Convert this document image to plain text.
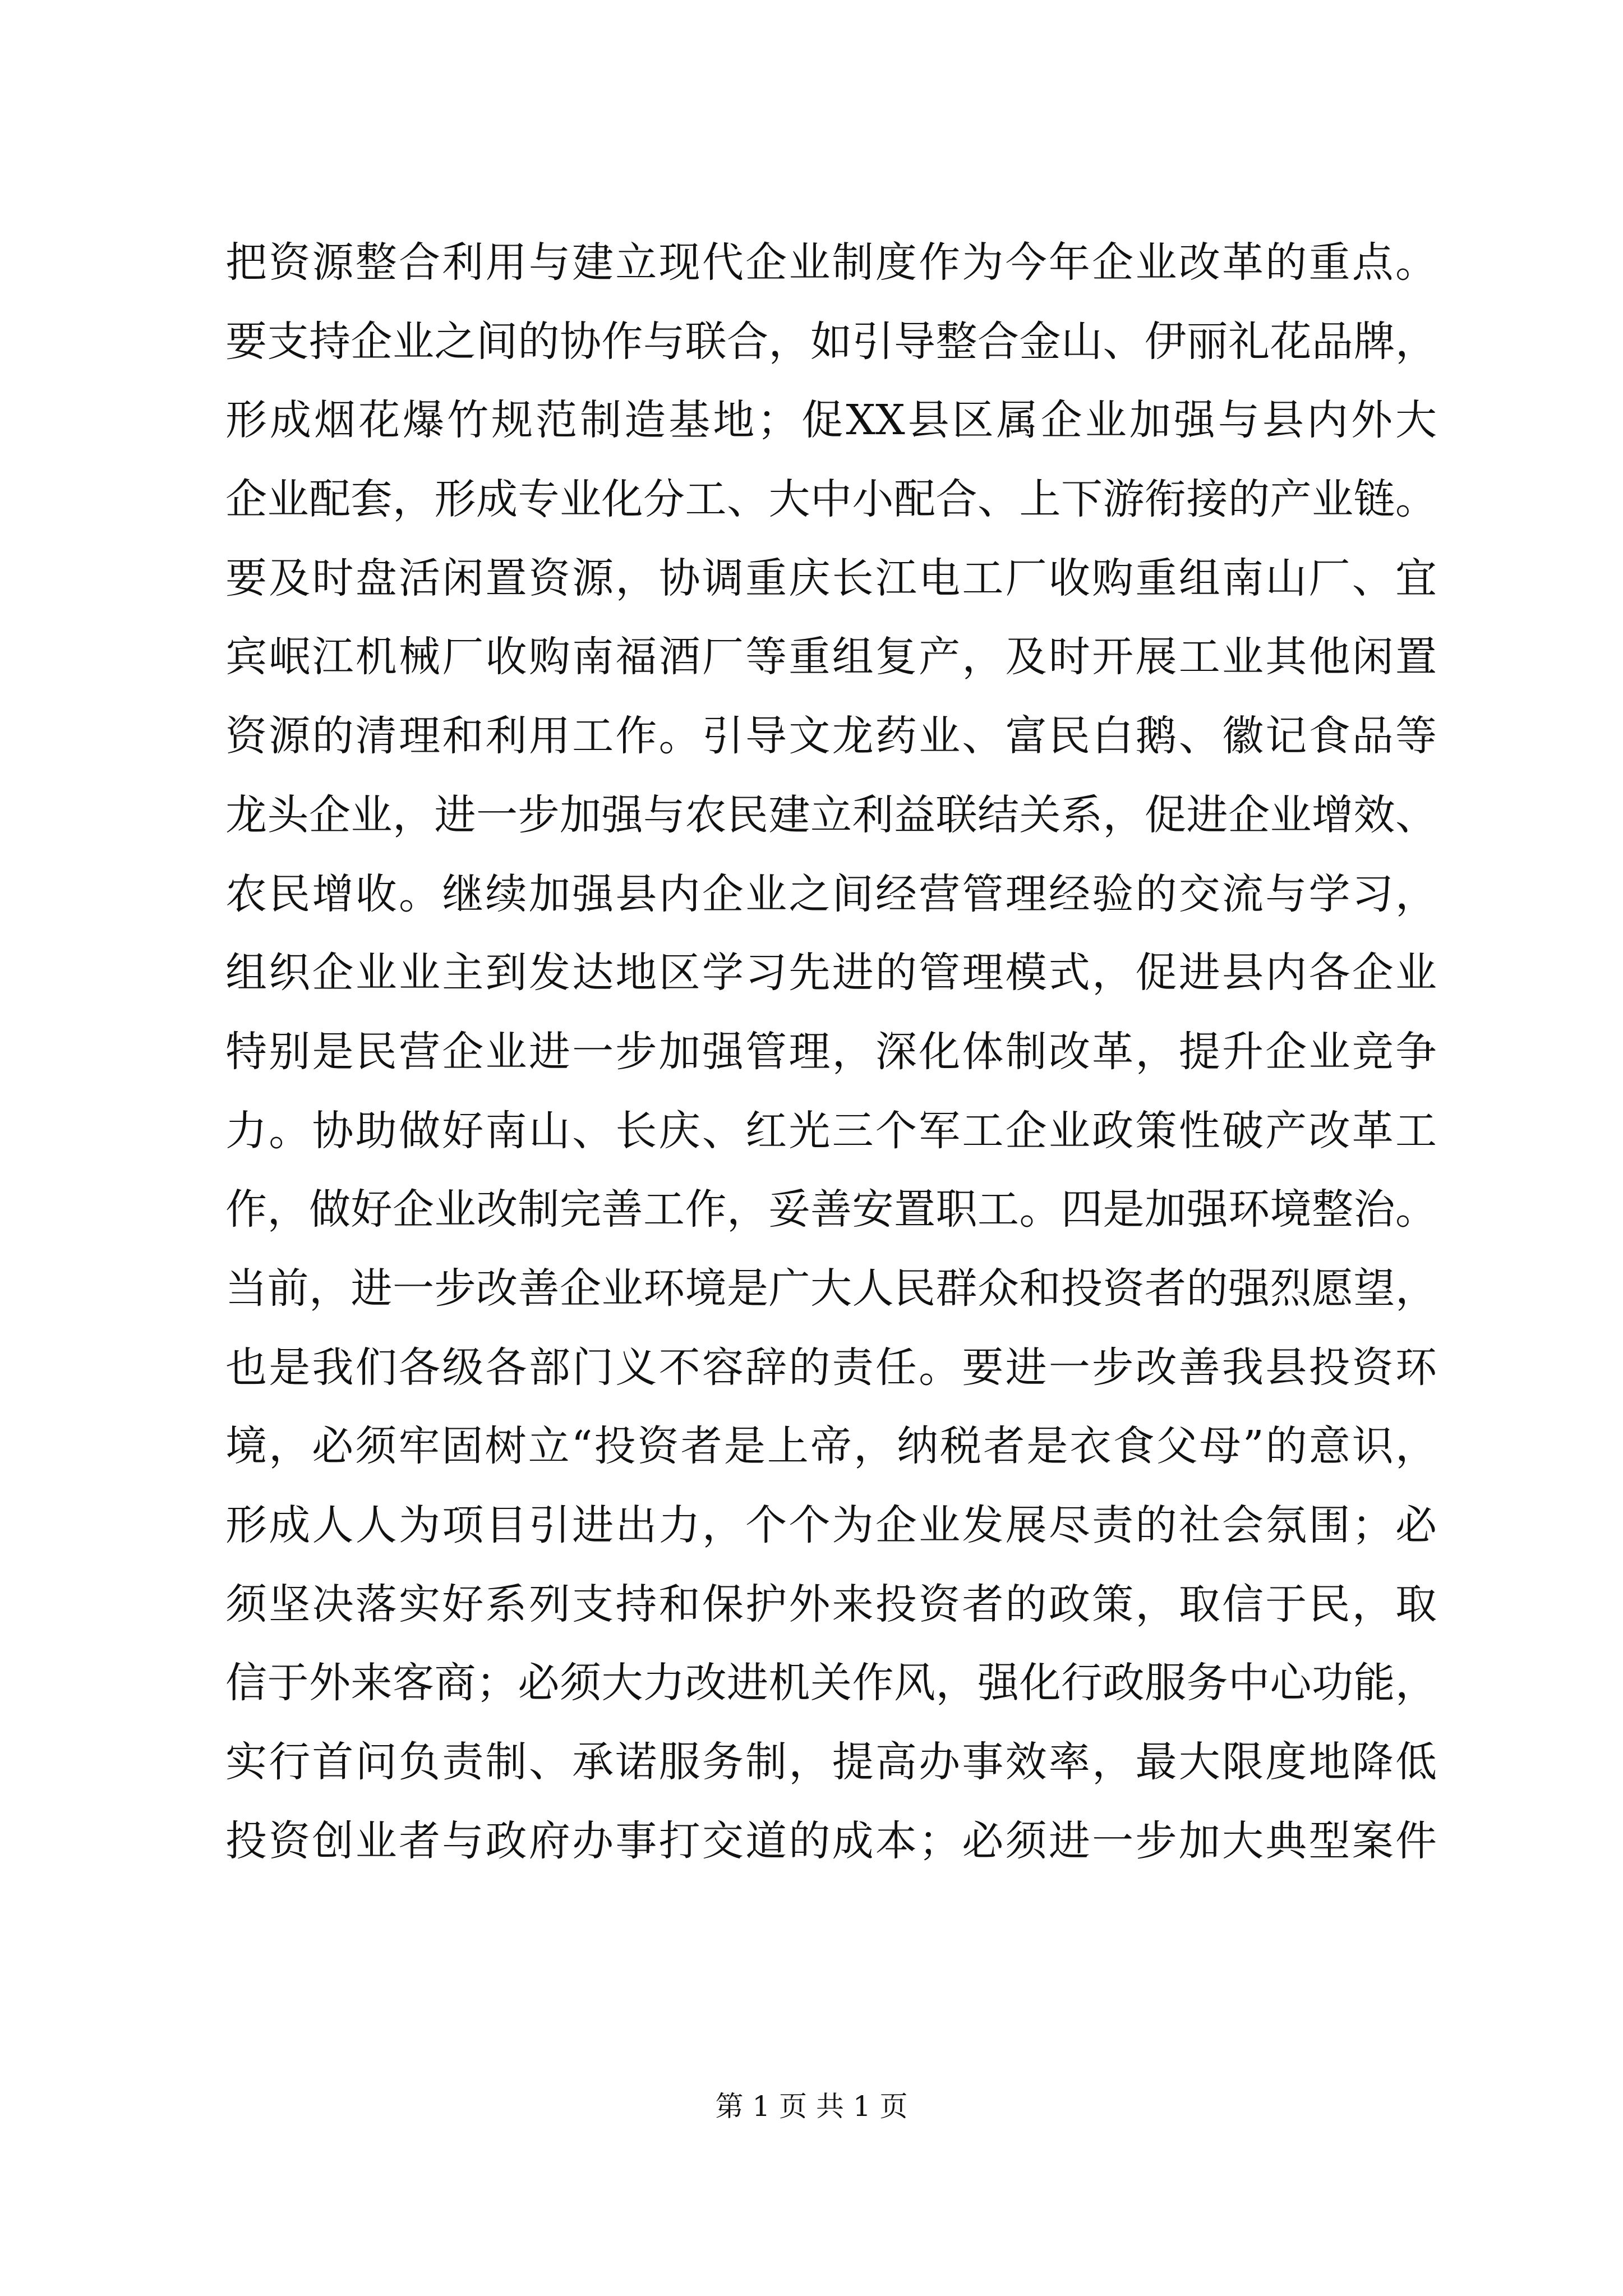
把资源整合利用与建立现代企业制度作为今年企业改革的重点。
要支持企业之间的协作与联合，如引导整合金山、伊丽礼花品牌，
形成烟花爆竹规范制造基地；促XX县区属企业加强与县内外大
企业配套，形成专业化分工、大中小配合、上下游衔接的产业链。
要及时盘活闲置资源，协调重庆长江电工厂收购重组南山厂、宜
宾岷江机械厂收购南福酒厂等重组复产，及时开展工业其他闲置
资源的清理和利用工作。引导文龙药业、富民白鹅、徽记食品等
龙头企业，进一步加强与农民建立利益联结关系，促进企业增效、
农民增收。继续加强县内企业之间经营管理经验的交流与学习，
组织企业业主到发达地区学习先进的管理模式，促进县内各企业
特别是民营企业进一步加强管理，深化体制改革，提升企业竞争
力。协助做好南山、长庆、红光三个军工企业政策性破产改革工
作，做好企业改制完善工作，妥善安置职工。四是加强环境整治。
当前，进一步改善企业环境是广大人民群众和投资者的强烈愿望，
也是我们各级各部门义不容辞的责任。要进一步改善我县投资环
境，必须牢固树立“投资者是上帝，纳税者是衣食父母”的意识，
形成人人为项目引进出力，个个为企业发展尽责的社会氛围；必
须坚决落实好系列支持和保护外来投资者的政策，取信于民，取
信于外来客商；必须大力改进机关作风，强化行政服务中心功能，
实行首问负责制、承诺服务制，提高办事效率，最大限度地降低
投资创业者与政府办事打交道的成本；必须进一步加大典型案件
第 1 页 共 1 页
